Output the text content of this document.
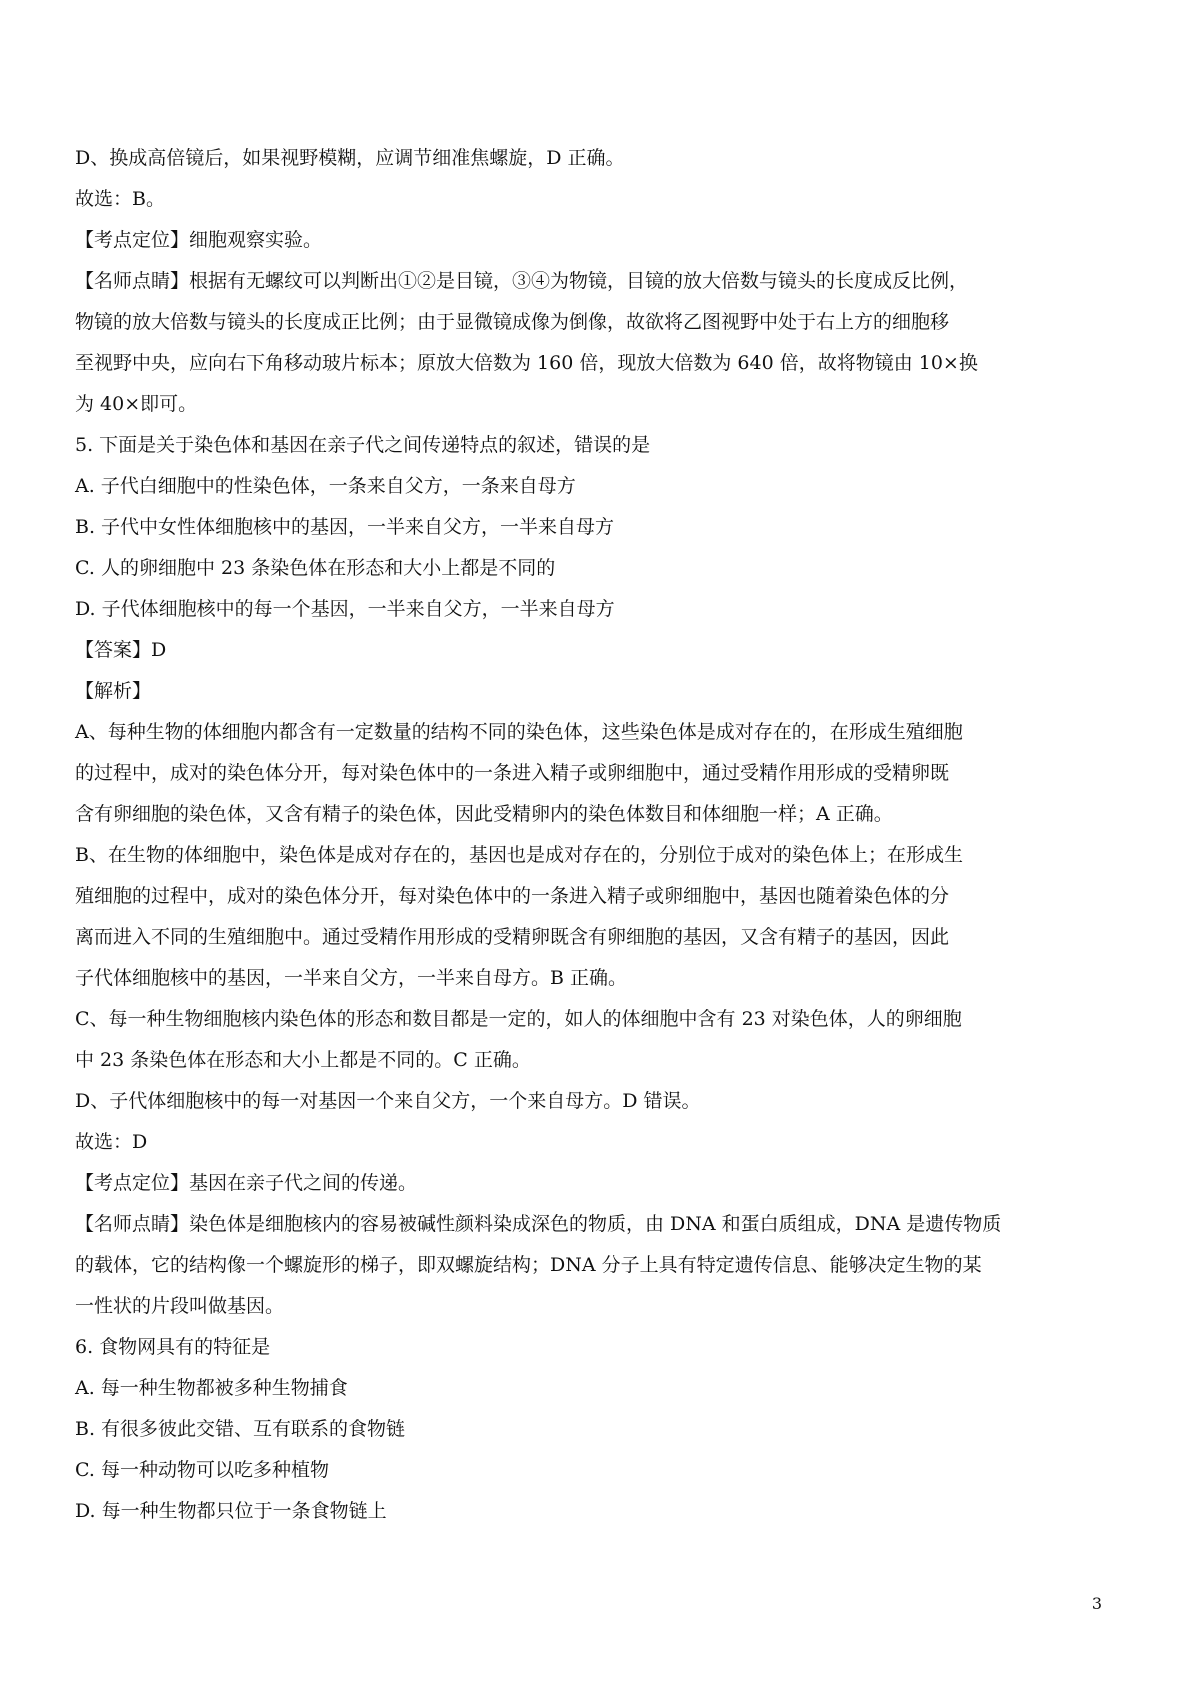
D、换成高倍镜后，如果视野模糊，应调节细准焦螺旋，D 正确。
故选：B。
【考点定位】细胞观察实验。
【名师点睛】根据有无螺纹可以判断出①②是目镜，③④为物镜，目镜的放大倍数与镜头的长度成反比例，
物镜的放大倍数与镜头的长度成正比例；由于显微镜成像为倒像，故欲将乙图视野中处于右上方的细胞移
至视野中央，应向右下角移动玻片标本；原放大倍数为 160 倍，现放大倍数为 640 倍，故将物镜由 10×换
为 40×即可。
5. 下面是关于染色体和基因在亲子代之间传递特点的叙述，错误的是
A. 子代白细胞中的性染色体，一条来自父方，一条来自母方
B. 子代中女性体细胞核中的基因，一半来自父方，一半来自母方
C. 人的卵细胞中 23 条染色体在形态和大小上都是不同的
D. 子代体细胞核中的每一个基因，一半来自父方，一半来自母方
【答案】D
【解析】
A、每种生物的体细胞内都含有一定数量的结构不同的染色体，这些染色体是成对存在的，在形成生殖细胞
的过程中，成对的染色体分开，每对染色体中的一条进入精子或卵细胞中，通过受精作用形成的受精卵既
含有卵细胞的染色体，又含有精子的染色体，因此受精卵内的染色体数目和体细胞一样；A 正确。
B、在生物的体细胞中，染色体是成对存在的，基因也是成对存在的，分别位于成对的染色体上；在形成生
殖细胞的过程中，成对的染色体分开，每对染色体中的一条进入精子或卵细胞中，基因也随着染色体的分
离而进入不同的生殖细胞中。通过受精作用形成的受精卵既含有卵细胞的基因，又含有精子的基因，因此
子代体细胞核中的基因，一半来自父方，一半来自母方。B 正确。
C、每一种生物细胞核内染色体的形态和数目都是一定的，如人的体细胞中含有 23 对染色体，人的卵细胞
中 23 条染色体在形态和大小上都是不同的。C 正确。
D、子代体细胞核中的每一对基因一个来自父方，一个来自母方。D 错误。
故选：D
【考点定位】基因在亲子代之间的传递。
【名师点睛】染色体是细胞核内的容易被碱性颜料染成深色的物质，由 DNA 和蛋白质组成，DNA 是遗传物质
的载体，它的结构像一个螺旋形的梯子，即双螺旋结构；DNA 分子上具有特定遗传信息、能够决定生物的某
一性状的片段叫做基因。
6. 食物网具有的特征是
A. 每一种生物都被多种生物捕食
B. 有很多彼此交错、互有联系的食物链
C. 每一种动物可以吃多种植物
D. 每一种生物都只位于一条食物链上
3
